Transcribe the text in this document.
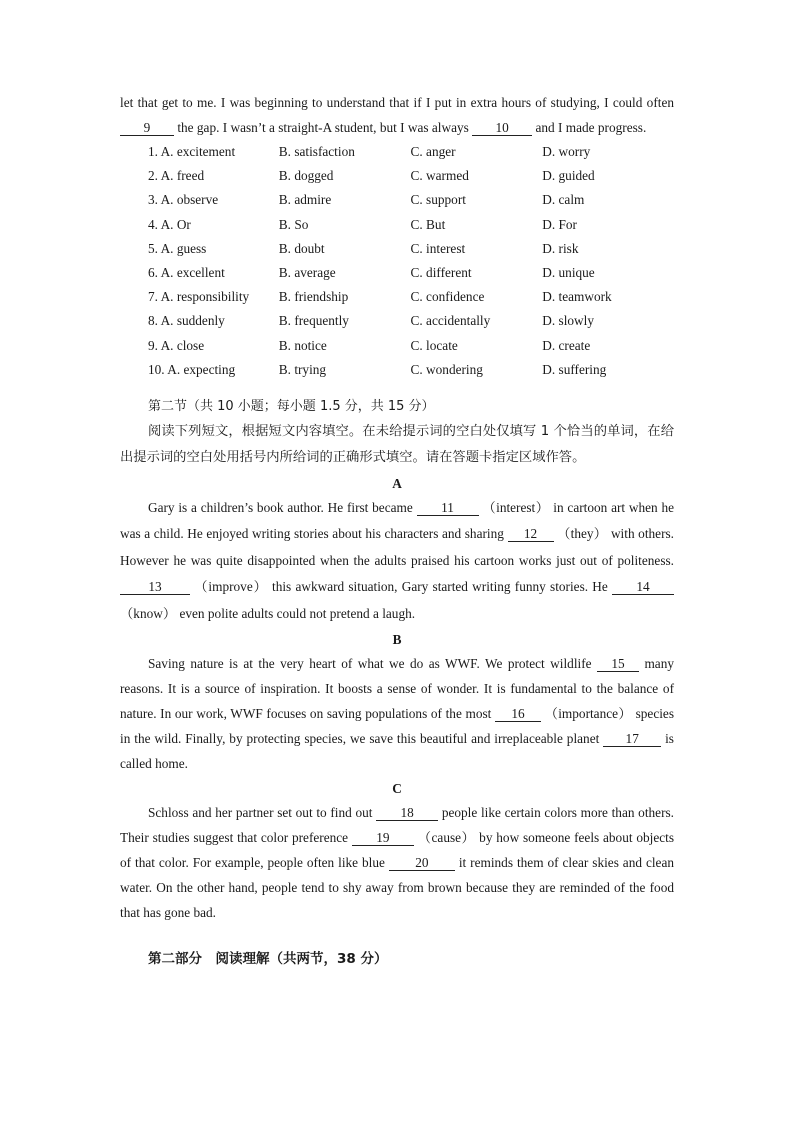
let that get to me. I was beginning to understand that if I put in extra hours of studying, I could often 9 the gap. I wasn’t a straight-A student, but I was always 10 and I made progress.

1. A. excitement	B. satisfaction	C. anger	D. worry
2. A. freed	B. dogged	C. warmed	D. guided
3. A. observe	B. admire	C. support	D. calm
4. A. Or	B. So	C. But	D. For
5. A. guess	B. doubt	C. interest	D. risk
6. A. excellent	B. average	C. different	D. unique
7. A. responsibility	B. friendship	C. confidence	D. teamwork
8. A. suddenly	B. frequently	C. accidentally	D. slowly
9. A. close	B. notice	C. locate	D. create
10. A. expecting	B. trying	C. wondering	D. suffering
第二节（共 10 小题；每小题 1.5 分，共 15 分）

阅读下列短文，根据短文内容填空。在未给提示词的空白处仅填写 1 个恰当的单词，在给出提示词的空白处用括号内所给词的正确形式填空。请在答题卡指定区域作答。

A

Gary is a children’s book author. He first became 11 （interest） in cartoon art when he was a child. He enjoyed writing stories about his characters and sharing 12 （they） with others. However he was quite disappointed when the adults praised his cartoon works just out of politeness. 13 （improve） this awkward situation, Gary started writing funny stories. He 14 （know） even polite adults could not pretend a laugh.

B

Saving nature is at the very heart of what we do as WWF. We protect wildlife 15 many reasons. It is a source of inspiration. It boosts a sense of wonder. It is fundamental to the balance of nature. In our work, WWF focuses on saving populations of the most 16 （importance） species in the wild. Finally, by protecting species, we save this beautiful and irreplaceable planet 17 is called home.

C

Schloss and her partner set out to find out 18 people like certain colors more than others. Their studies suggest that color preference 19 （cause） by how someone feels about objects of that color. For example, people often like blue 20 it reminds them of clear skies and clean water. On the other hand, people tend to shy away from brown because they are reminded of the food that has gone bad.

第二部分　阅读理解（共两节，38 分）
